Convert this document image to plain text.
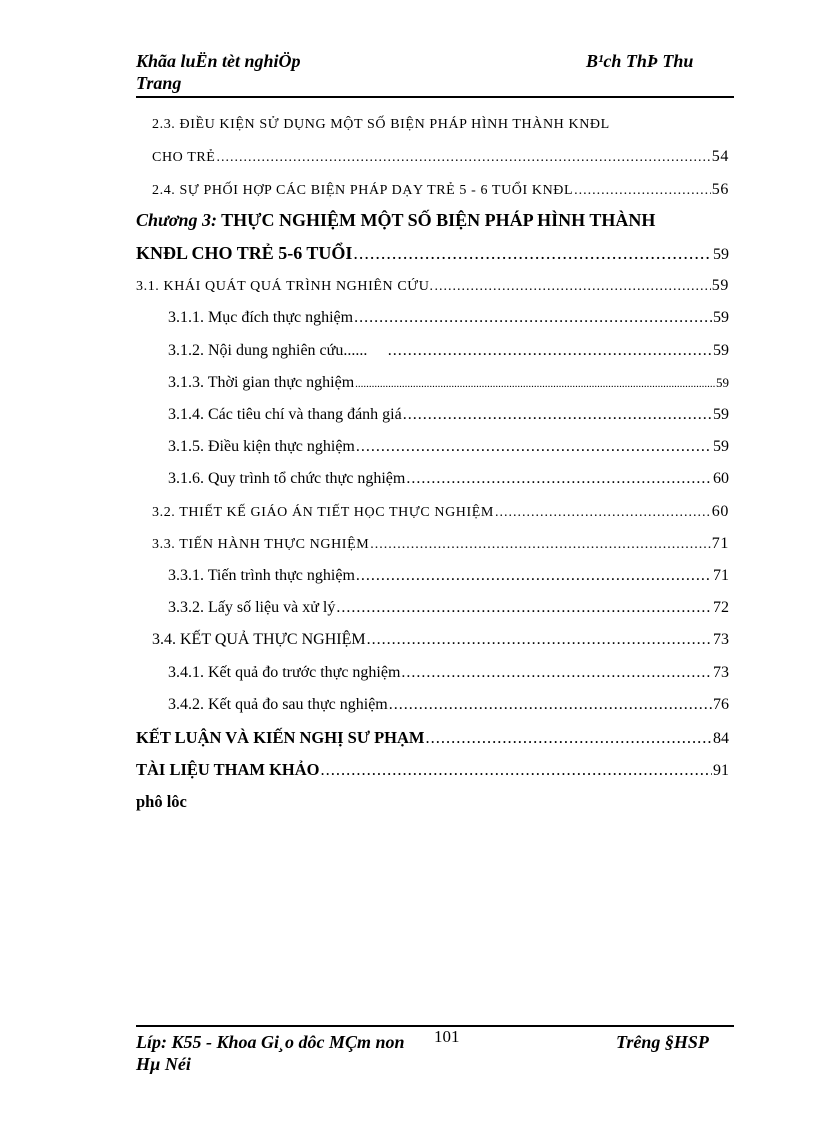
Khãa luËn tèt nghiÖp
Trang
B¹ch ThÞ Thu
2.3. ĐIỀU KIỆN SỬ DỤNG MỘT SỐ BIỆN PHÁP HÌNH THÀNH KNĐL
CHO TRẺ .....	54
2.4. SỰ PHỐI HỢP CÁC BIỆN PHÁP DẠY TRẺ 5 - 6 TUỔI KNĐL .....	56
Chương 3: THỰC NGHIỆM MỘT SỐ BIỆN PHÁP HÌNH THÀNH
KNĐL CHO TRẺ 5-6 TUỔI .....	59
3.1. KHÁI QUÁT QUÁ TRÌNH NGHIÊN CỨU. .....	59
3.1.1. Mục đích thực nghiệm .....	59
3.1.2. Nội dung nghiên cứu...... .....	59
3.1.3. Thời gian thực nghiệm .....	59
3.1.4. Các tiêu chí và thang đánh giá .....	59
3.1.5. Điều kiện thực nghiệm .....	59
3.1.6. Quy trình tổ chức thực nghiệm .....	60
3.2. THIẾT KẾ GIÁO ÁN TIẾT HỌC THỰC NGHIỆM .....	60
3.3. TIẾN HÀNH THỰC NGHIỆM .....	71
3.3.1. Tiến trình thực nghiệm .....	71
3.3.2. Lấy số liệu và xử lý .....	72
3.4. KẾT QUẢ THỰC NGHIỆM .....	73
3.4.1. Kết quả đo trước thực nghiệm .....	73
3.4.2. Kết quả đo sau thực nghiệm .....	76
KẾT LUẬN VÀ KIẾN NGHỊ SƯ PHẠM .....	84
TÀI LIỆU THAM KHẢO .....	91
phô lôc
Líp: K55 - Khoa Gi¸o dôc MÇm non
Hµ Néi
101	Trêng §HSP
